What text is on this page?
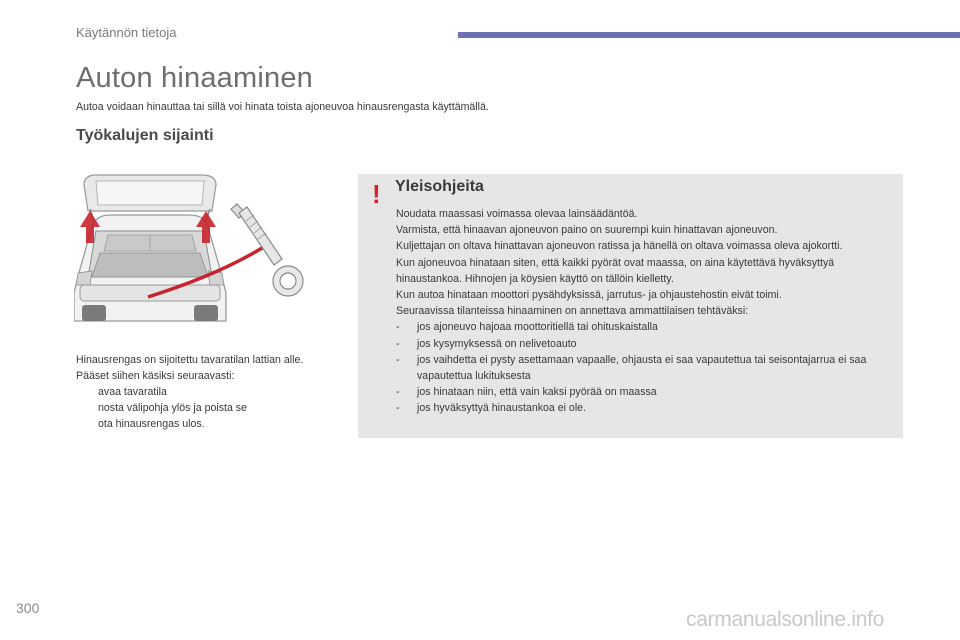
Käytännön tietoja
Auton hinaaminen
Autoa voidaan hinauttaa tai sillä voi hinata toista ajoneuvoa hinausrengasta käyttämällä.
Työkalujen sijainti

Hinausrengas on sijoitettu tavaratilan lattian alle.

Pääset siihen käsiksi seuraavasti:

avaa tavaratila
nosta välipohja ylös ja poista se
ota hinausrengas ulos.
! Yleisohjeita

Noudata maassasi voimassa olevaa lainsäädäntöä.

Varmista, että hinaavan ajoneuvon paino on suurempi kuin hinattavan ajoneuvon.

Kuljettajan on oltava hinattavan ajoneuvon ratissa ja hänellä on oltava voimassa oleva ajokortti.

Kun ajoneuvoa hinataan siten, että kaikki pyörät ovat maassa, on aina käytettävä hyväksyttyä hinaustankoa. Hihnojen ja köysien käyttö on tällöin kielletty.

Kun autoa hinataan moottori pysähdyksissä, jarrutus- ja ohjaustehostin eivät toimi.

Seuraavissa tilanteissa hinaaminen on annettava ammattilaisen tehtäväksi:

- jos ajoneuvo hajoaa moottoritiellä tai ohituskaistalla
- jos kysymyksessä on nelivetoauto
- jos vaihdetta ei pysty asettamaan vapaalle, ohjausta ei saa vapautettua tai seisontajarrua ei saa vapautettua lukituksesta
- jos hinataan niin, että vain kaksi pyörää on maassa
- jos hyväksyttyä hinaustankoa ei ole.
300	carmanualsonline.info
